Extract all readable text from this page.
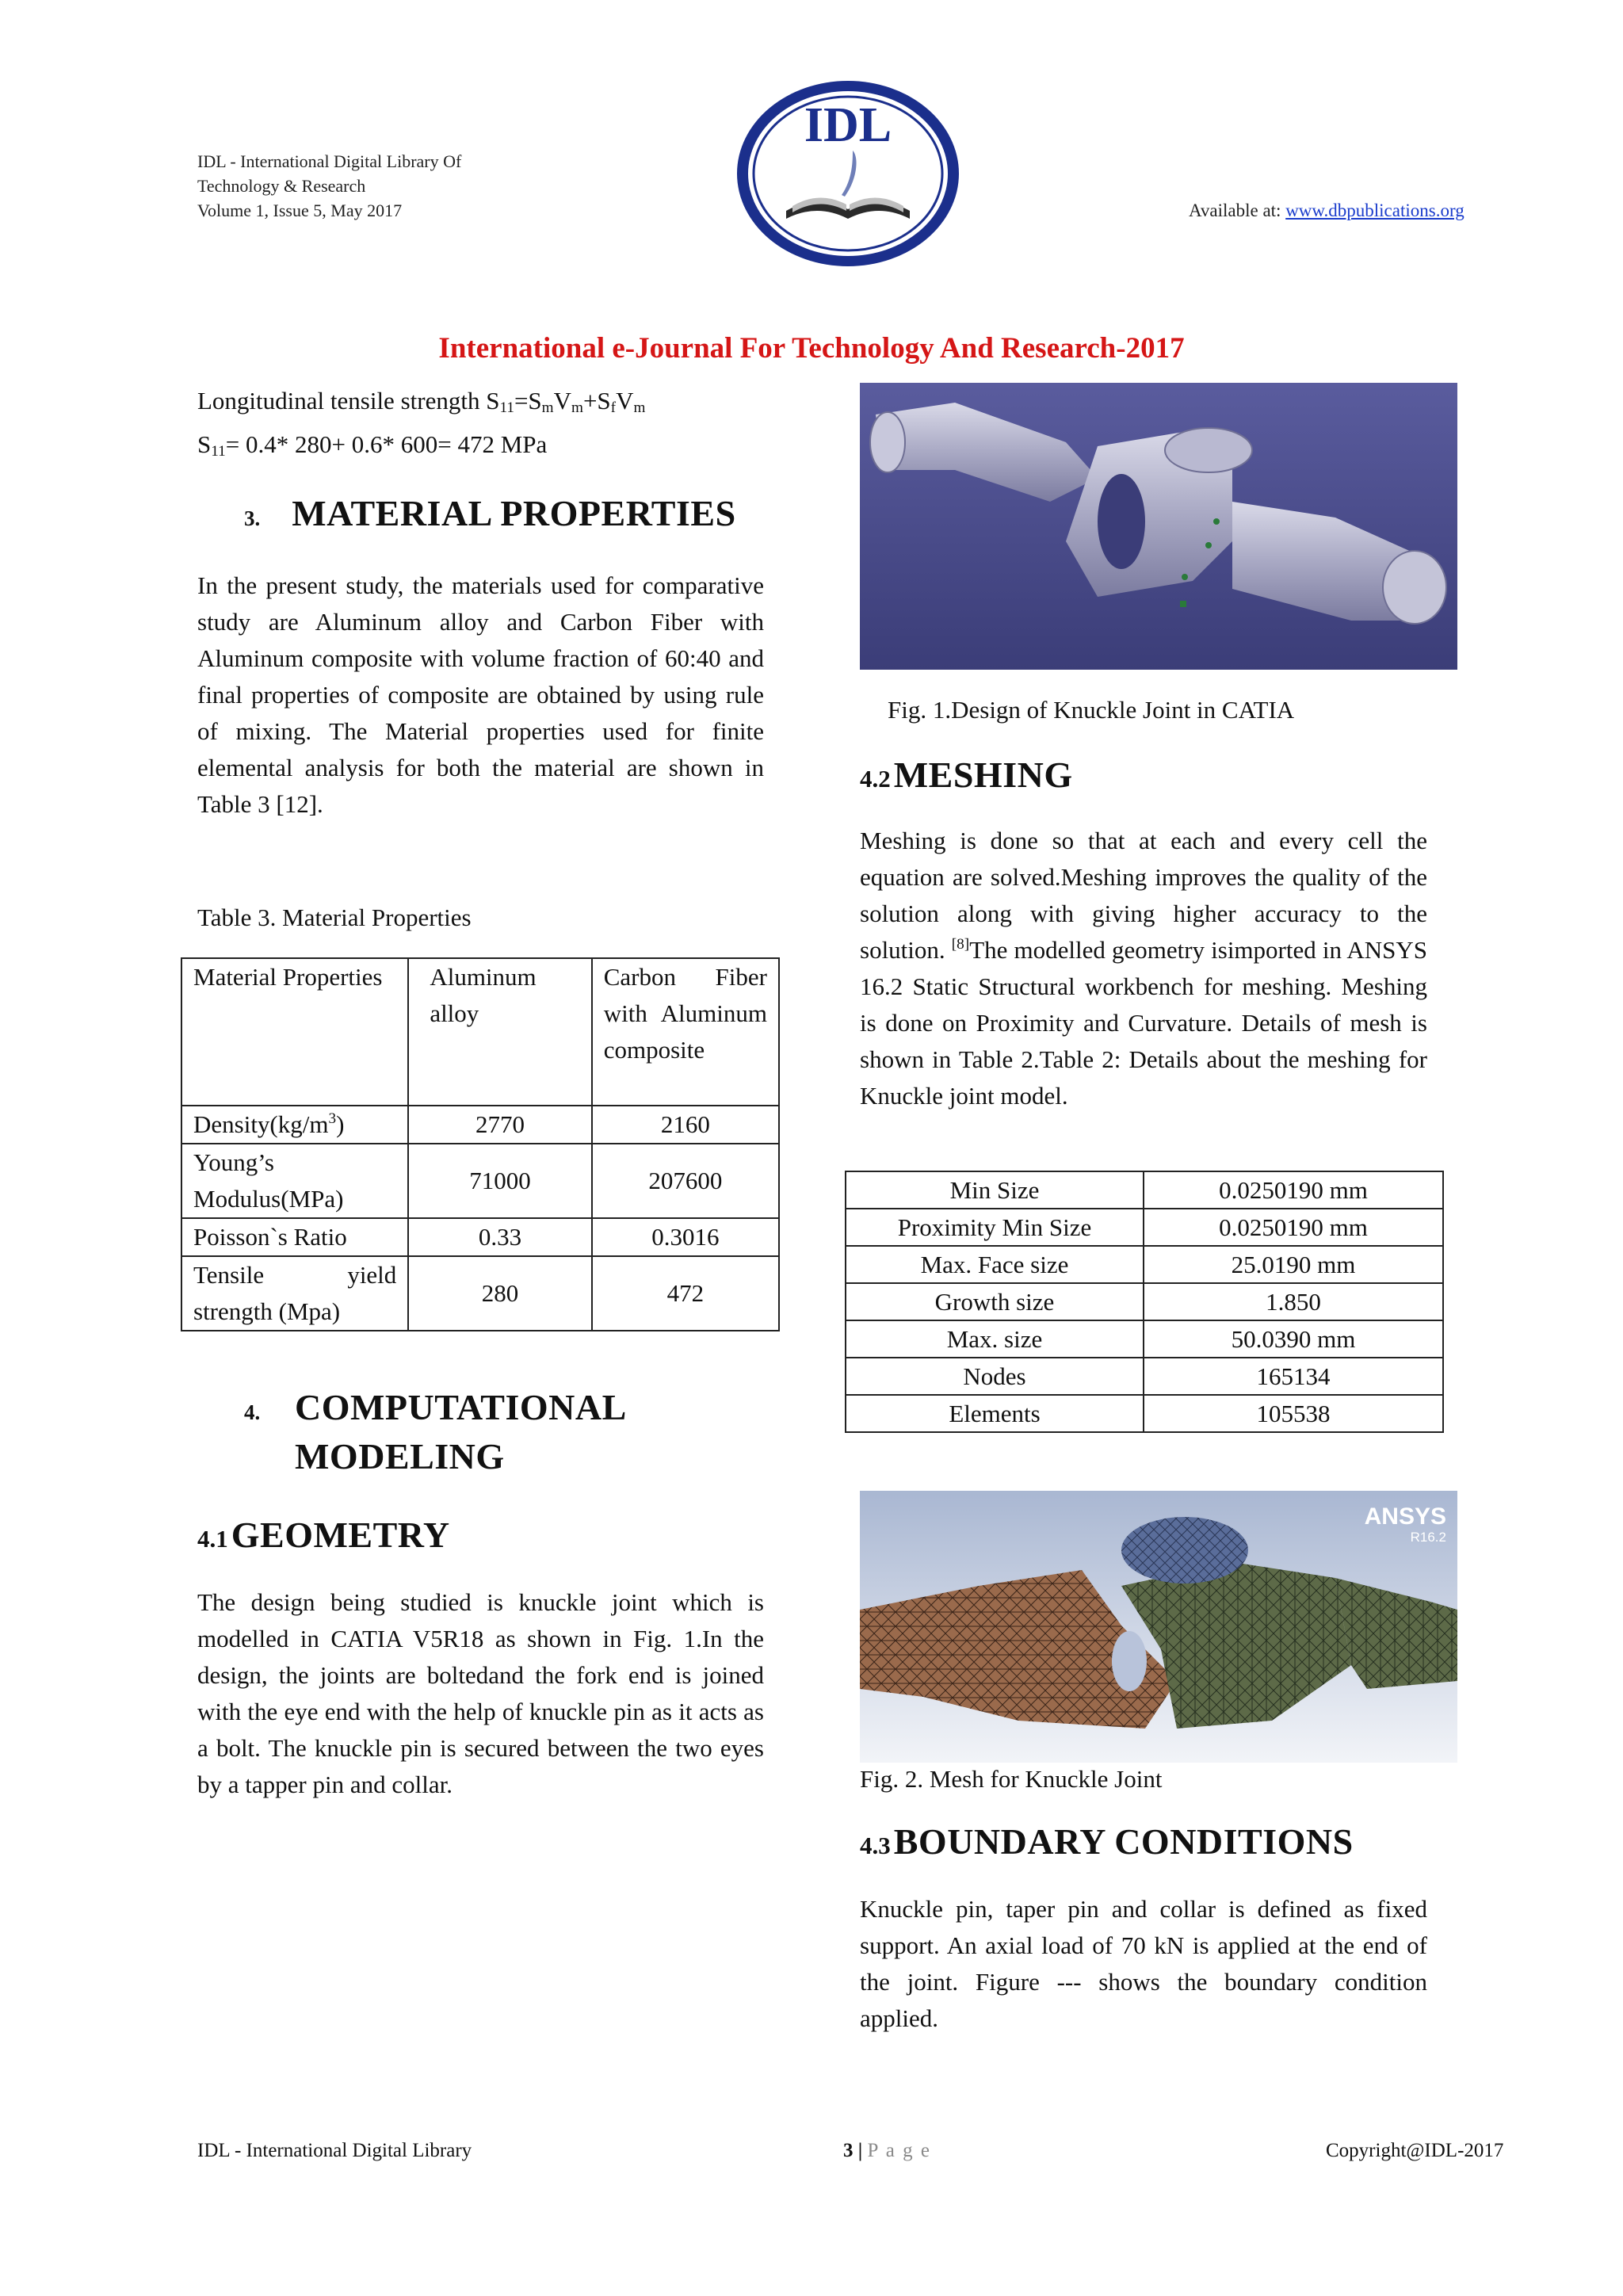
IDL - International Digital Library Of
Technology & Research
Volume 1, Issue 5, May 2017
IDL
Available at: www.dbpublications.org
International e-Journal For Technology And Research-2017
Longitudinal tensile strength $S_{11}=S_mV_m+S_fV_m$
$S_{11}= 0.4*$ 280+ 0.6* 600= 472 MPa
3. MATERIAL PROPERTIES
In the present study, the materials used for comparative study are Aluminum alloy and Carbon Fiber with Aluminum composite with volume fraction of 60:40 and final properties of composite are obtained by using rule of mixing. The Material properties used for finite elemental analysis for both the material are shown in Table 3 [12].
Table 3. Material Properties
Material Properties	Aluminum alloy	Carbon Fiber with Aluminum composite
$Density(kg/m^3)$	2770	2160
Young’s Modulus(MPa)	71000	207600
Poisson`s Ratio	0.33	0.3016
Tensile yield strength (Mpa)	280	472
4. COMPUTATIONAL
MODELING
4.1 GEOMETRY
The design being studied is knuckle joint which is modelled in CATIA V5R18 as shown in Fig. 1.In the design, the joints are boltedand the fork end is joined with the eye end with the help of knuckle pin as it acts as a bolt. The knuckle pin is secured between the two eyes by a tapper pin and collar.
Fig. 1.Design of Knuckle Joint in CATIA
4.2 MESHING
Meshing is done so that at each and every cell the equation are solved.Meshing improves the quality of the solution along with giving higher accuracy to the solution. [8]The modelled geometry isimported in ANSYS 16.2 Static Structural workbench for meshing. Meshing is done on Proximity and Curvature. Details of mesh is shown in Table 2.Table 2: Details about the meshing for Knuckle joint model.
Min Size	0.0250190 mm
Proximity Min Size	0.0250190 mm
Max. Face size	25.0190 mm
Growth size	1.850
Max. size	50.0390 mm
Nodes	165134
Elements	105538
ANSYS
R16.2
Fig. 2. Mesh for Knuckle Joint
4.3 BOUNDARY CONDITIONS
Knuckle pin, taper pin and collar is defined as fixed support. An axial load of 70 kN is applied at the end of the joint. Figure --- shows the boundary condition applied.
IDL - International Digital Library	3 | P a g e	Copyright@IDL-2017
